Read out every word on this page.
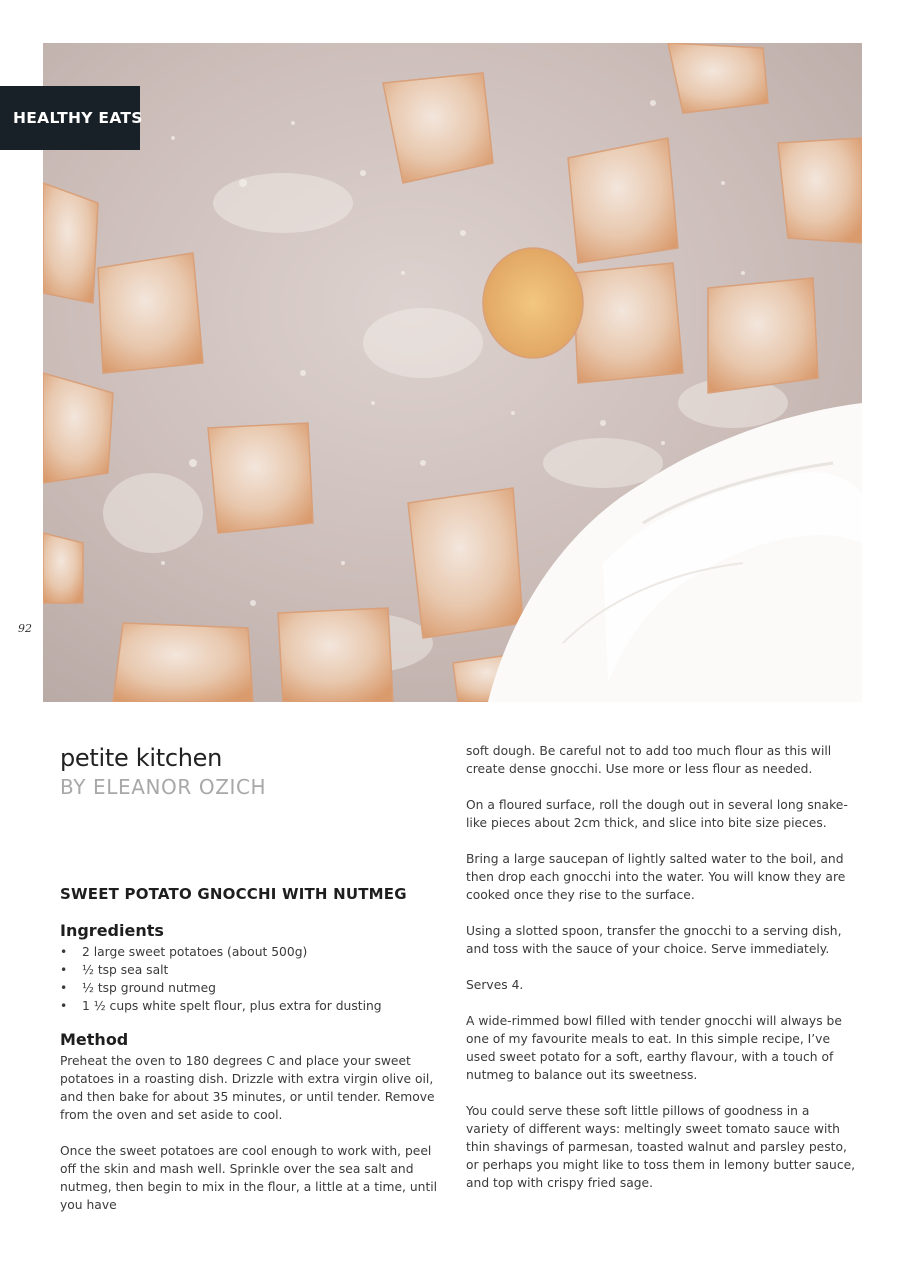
HEALTHY EATS
92
petite kitchen

BY ELEANOR OZICH

SWEET POTATO GNOCCHI WITH NUTMEG
Ingredients
• 2 large sweet potatoes (about 500g)
• ½ tsp sea salt
• ½ tsp ground nutmeg
• 1 ½ cups white spelt flour, plus extra for dusting
Method

Preheat the oven to 180 degrees C and place your sweet potatoes in a roasting dish. Drizzle with extra virgin olive oil, and then bake for about 35 minutes, or until tender. Remove from the oven and set aside to cool.

Once the sweet potatoes are cool enough to work with, peel off the skin and mash well. Sprinkle over the sea salt and nutmeg, then begin to mix in the flour, a little at a time, until you have

soft dough. Be careful not to add too much flour as this will create dense gnocchi. Use more or less flour as needed.

On a floured surface, roll the dough out in several long snake-like pieces about 2cm thick, and slice into bite size pieces.

Bring a large saucepan of lightly salted water to the boil, and then drop each gnocchi into the water. You will know they are cooked once they rise to the surface.

Using a slotted spoon, transfer the gnocchi to a serving dish, and toss with the sauce of your choice. Serve immediately.

Serves 4.

A wide-rimmed bowl filled with tender gnocchi will always be one of my favourite meals to eat. In this simple recipe, I’ve used sweet potato for a soft, earthy flavour, with a touch of nutmeg to balance out its sweetness.

You could serve these soft little pillows of goodness in a variety of different ways: meltingly sweet tomato sauce with thin shavings of parmesan, toasted walnut and parsley pesto, or perhaps you might like to toss them in lemony butter sauce, and top with crispy fried sage.
